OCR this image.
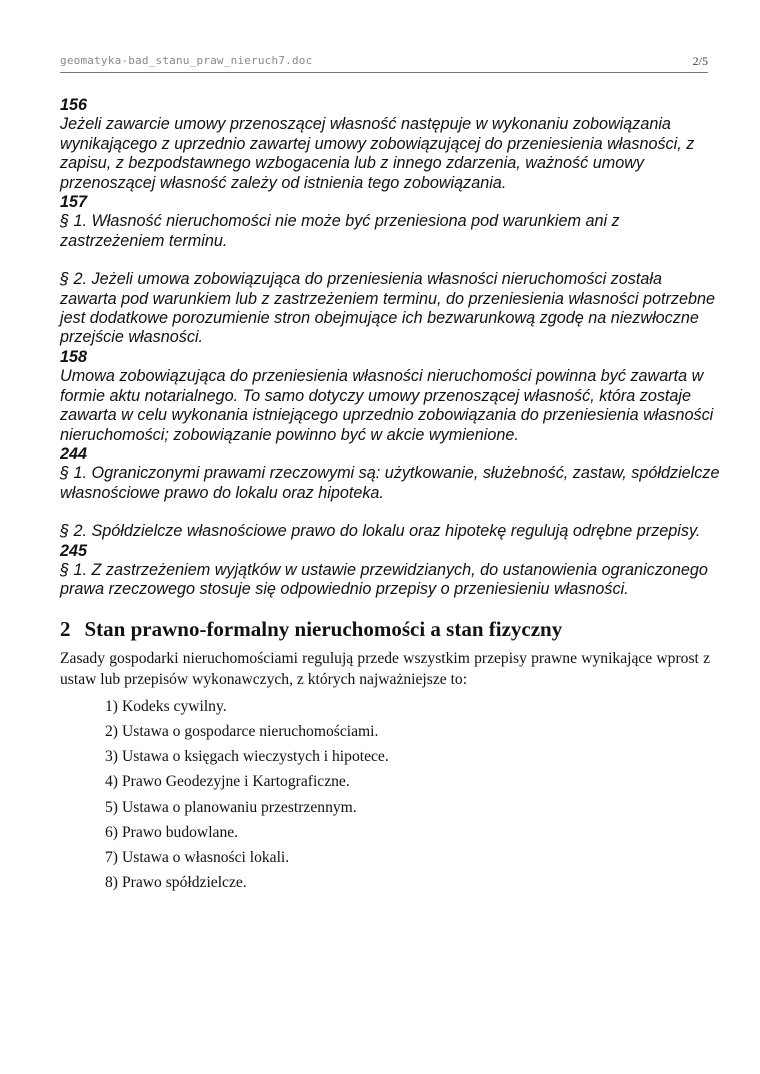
geomatyka-bad_stanu_praw_nieruch7.doc	2/5

156

Jeżeli zawarcie umowy przenoszącej własność następuje w wykonaniu zobowiązania wynikającego z uprzednio zawartej umowy zobowiązującej do przeniesienia własności, z zapisu, z bezpodstawnego wzbogacenia lub z innego zdarzenia, ważność umowy przenoszącej własność zależy od istnienia tego zobowiązania.

157

§ 1. Własność nieruchomości nie może być przeniesiona pod warunkiem ani z zastrzeżeniem terminu.

§ 2. Jeżeli umowa zobowiązująca do przeniesienia własności nieruchomości została zawarta pod warunkiem lub z zastrzeżeniem terminu, do przeniesienia własności potrzebne jest dodatkowe porozumienie stron obejmujące ich bezwarunkową zgodę na niezwłoczne przejście własności.

158

Umowa zobowiązująca do przeniesienia własności nieruchomości powinna być zawarta w formie aktu notarialnego. To samo dotyczy umowy przenoszącej własność, która zostaje zawarta w celu wykonania istniejącego uprzednio zobowiązania do przeniesienia własności nieruchomości; zobowiązanie powinno być w akcie wymienione.

244

§ 1. Ograniczonymi prawami rzeczowymi są: użytkowanie, służebność, zastaw, spółdzielcze własnościowe prawo do lokalu oraz hipoteka.

§ 2. Spółdzielcze własnościowe prawo do lokalu oraz hipotekę regulują odrębne przepisy.

245

§ 1. Z zastrzeżeniem wyjątków w ustawie przewidzianych, do ustanowienia ograniczonego prawa rzeczowego stosuje się odpowiednio przepisy o przeniesieniu własności.

2 Stan prawno-formalny nieruchomości a stan fizyczny

Zasady gospodarki nieruchomościami regulują przede wszystkim przepisy prawne wynikające wprost z ustaw lub przepisów wykonawczych, z których najważniejsze to:

1) Kodeks cywilny.
2) Ustawa o gospodarce nieruchomościami.
3) Ustawa o księgach wieczystych i hipotece.
4) Prawo Geodezyjne i Kartograficzne.
5) Ustawa o planowaniu przestrzennym.
6) Prawo budowlane.
7) Ustawa o własności lokali.
8) Prawo spółdzielcze.
